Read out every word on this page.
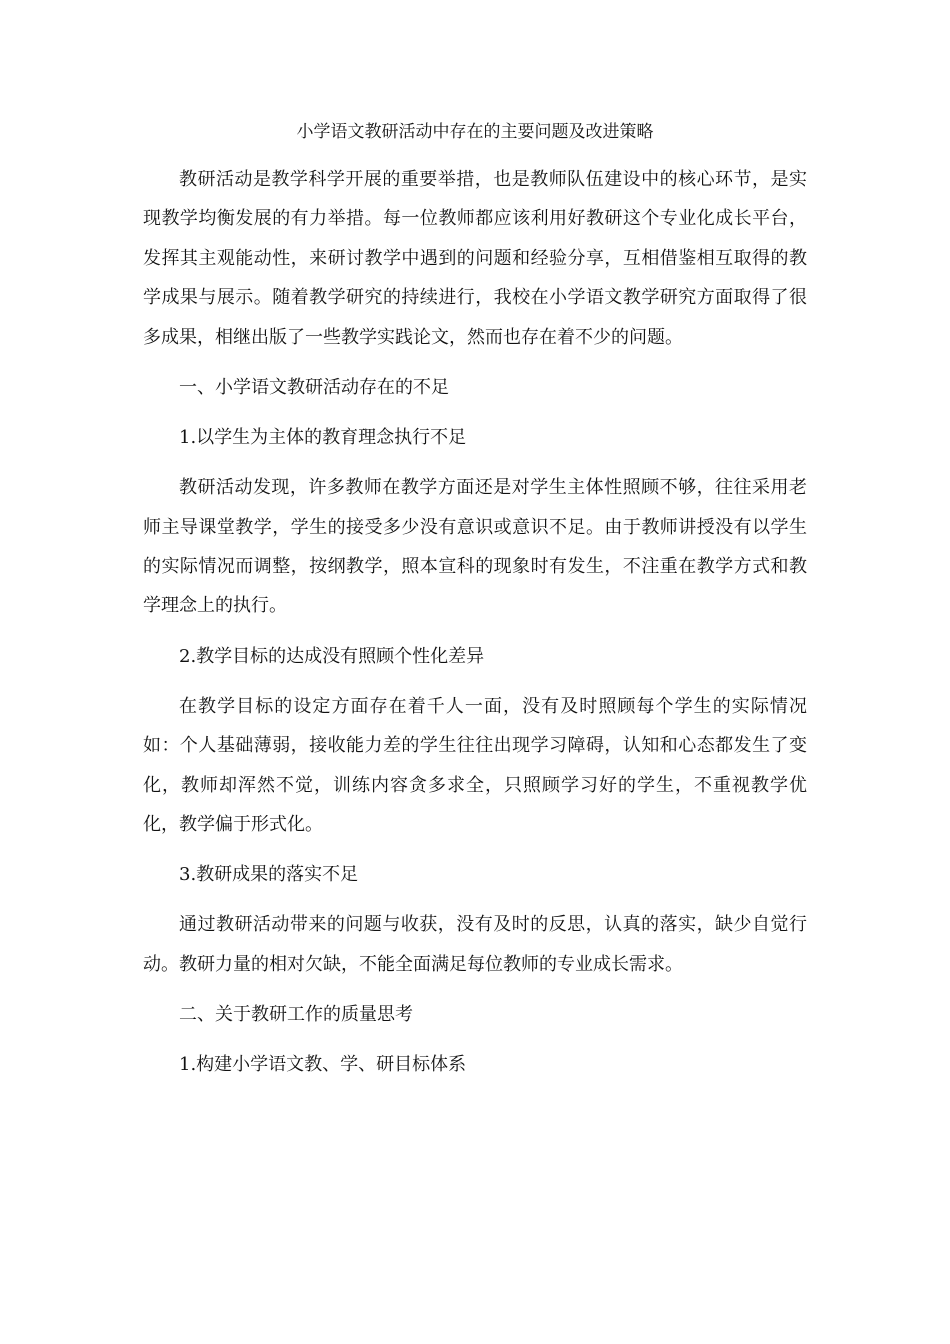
小学语文教研活动中存在的主要问题及改进策略

教研活动是教学科学开展的重要举措，也是教师队伍建设中的核心环节，是实现教学均衡发展的有力举措。每一位教师都应该利用好教研这个专业化成长平台，发挥其主观能动性，来研讨教学中遇到的问题和经验分享，互相借鉴相互取得的教学成果与展示。随着教学研究的持续进行，我校在小学语文教学研究方面取得了很多成果，相继出版了一些教学实践论文，然而也存在着不少的问题。

一、小学语文教研活动存在的不足

1.以学生为主体的教育理念执行不足

教研活动发现，许多教师在教学方面还是对学生主体性照顾不够，往往采用老师主导课堂教学，学生的接受多少没有意识或意识不足。由于教师讲授没有以学生的实际情况而调整，按纲教学，照本宣科的现象时有发生，不注重在教学方式和教学理念上的执行。

2.教学目标的达成没有照顾个性化差异

在教学目标的设定方面存在着千人一面，没有及时照顾每个学生的实际情况如：个人基础薄弱，接收能力差的学生往往出现学习障碍，认知和心态都发生了变化，教师却浑然不觉，训练内容贪多求全，只照顾学习好的学生，不重视教学优化，教学偏于形式化。

3.教研成果的落实不足

通过教研活动带来的问题与收获，没有及时的反思，认真的落实，缺少自觉行动。教研力量的相对欠缺，不能全面满足每位教师的专业成长需求。

二、关于教研工作的质量思考

1.构建小学语文教、学、研目标体系
